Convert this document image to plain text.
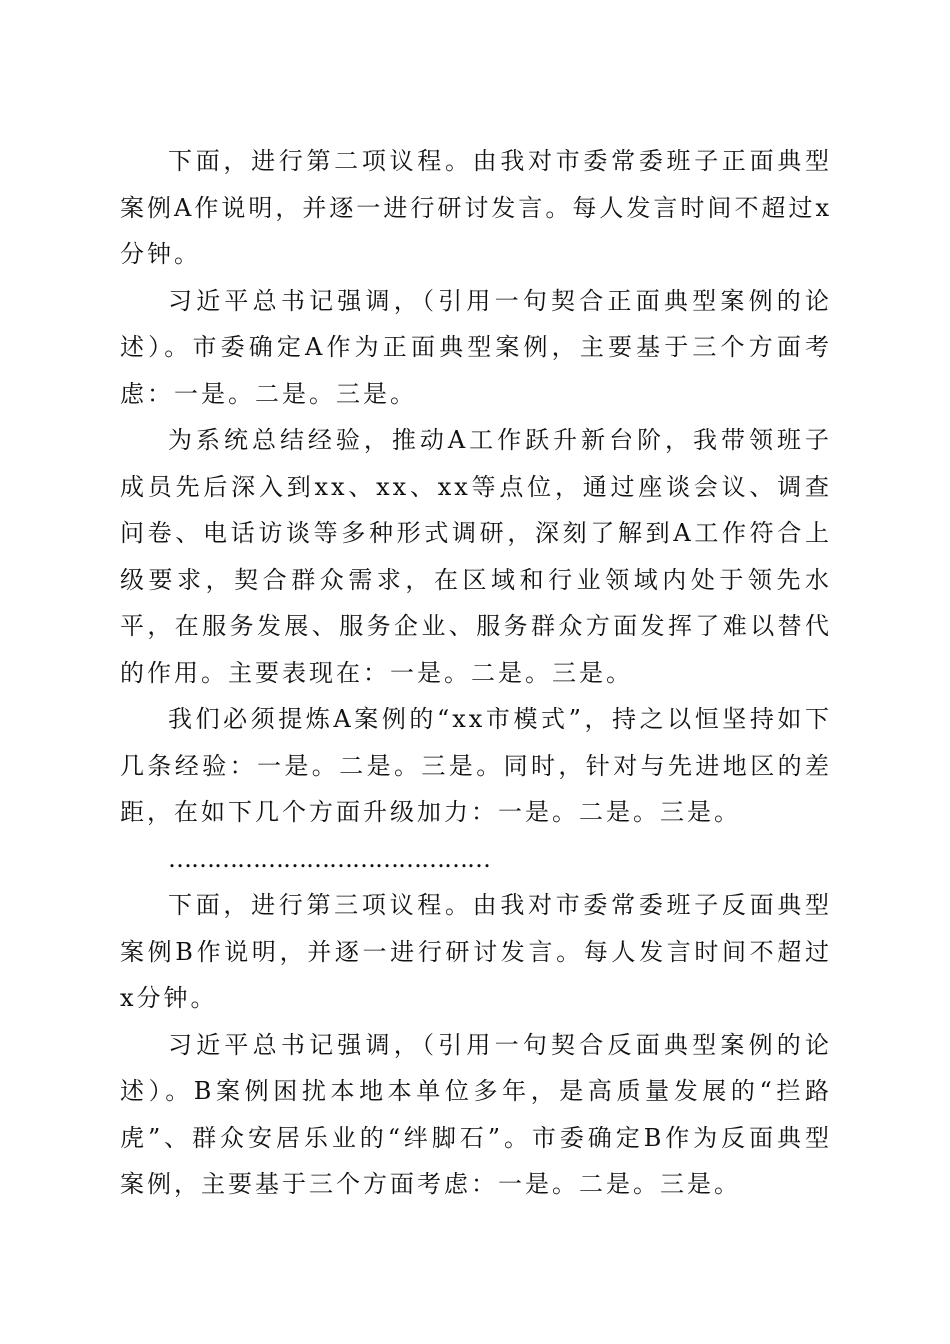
下面，进行第二项议程。由我对市委常委班子正面典型案例A作说明，并逐一进行研讨发言。每人发言时间不超过x分钟。

习近平总书记强调，（引用一句契合正面典型案例的论述）。市委确定A作为正面典型案例，主要基于三个方面考虑：一是。二是。三是。

为系统总结经验，推动A工作跃升新台阶，我带领班子成员先后深入到xx、xx、xx等点位，通过座谈会议、调查问卷、电话访谈等多种形式调研，深刻了解到A工作符合上级要求，契合群众需求，在区域和行业领域内处于领先水平，在服务发展、服务企业、服务群众方面发挥了难以替代的作用。主要表现在：一是。二是。三是。

我们必须提炼A案例的“xx市模式”，持之以恒坚持如下几条经验：一是。二是。三是。同时，针对与先进地区的差距，在如下几个方面升级加力：一是。二是。三是。

……………………………………

下面，进行第三项议程。由我对市委常委班子反面典型案例B作说明，并逐一进行研讨发言。每人发言时间不超过x分钟。

习近平总书记强调，（引用一句契合反面典型案例的论述）。B案例困扰本地本单位多年，是高质量发展的“拦路虎”、群众安居乐业的“绊脚石”。市委确定B作为反面典型案例，主要基于三个方面考虑：一是。二是。三是。
